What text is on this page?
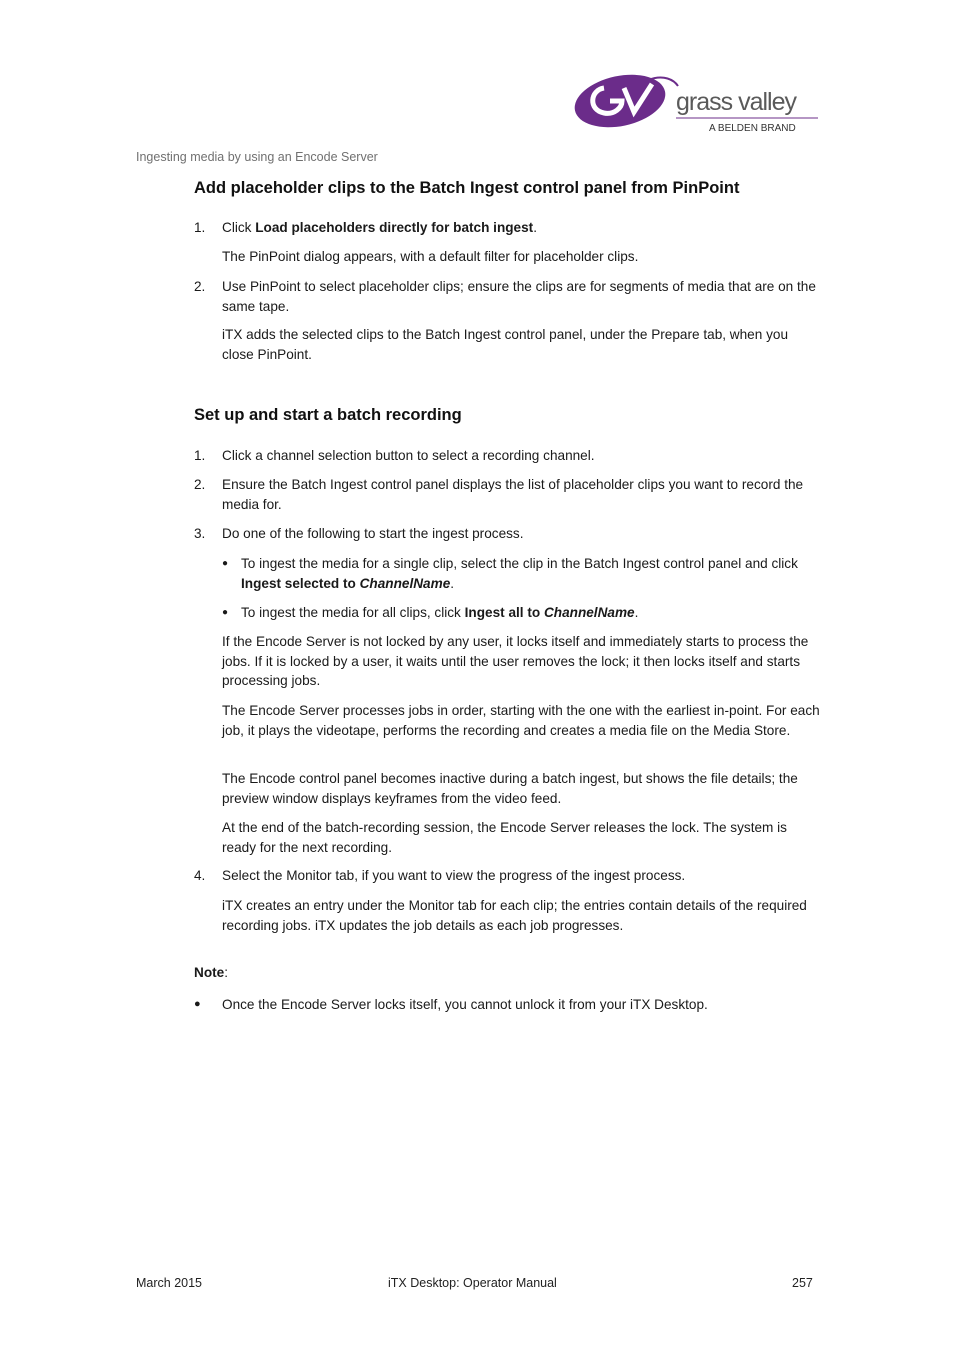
grass valley
A BELDEN BRAND
Ingesting media by using an Encode Server
Add placeholder clips to the Batch Ingest control panel from PinPoint
1. Click Load placeholders directly for batch ingest.
The PinPoint dialog appears, with a default filter for placeholder clips.
2. Use PinPoint to select placeholder clips; ensure the clips are for segments of media that are on the same tape.
iTX adds the selected clips to the Batch Ingest control panel, under the Prepare tab, when you close PinPoint.
Set up and start a batch recording
1. Click a channel selection button to select a recording channel.
2. Ensure the Batch Ingest control panel displays the list of placeholder clips you want to record the media for.
3. Do one of the following to start the ingest process.
● To ingest the media for a single clip, select the clip in the Batch Ingest control panel and click Ingest selected to ChannelName.
● To ingest the media for all clips, click Ingest all to ChannelName.
If the Encode Server is not locked by any user, it locks itself and immediately starts to process the jobs. If it is locked by a user, it waits until the user removes the lock; it then locks itself and starts processing jobs.
The Encode Server processes jobs in order, starting with the one with the earliest in-point. For each job, it plays the videotape, performs the recording and creates a media file on the Media Store.
The Encode control panel becomes inactive during a batch ingest, but shows the file details; the preview window displays keyframes from the video feed.
At the end of the batch-recording session, the Encode Server releases the lock. The system is ready for the next recording.
4. Select the Monitor tab, if you want to view the progress of the ingest process.
iTX creates an entry under the Monitor tab for each clip; the entries contain details of the required recording jobs. iTX updates the job details as each job progresses.
Note:
● Once the Encode Server locks itself, you cannot unlock it from your iTX Desktop.
March 2015	iTX Desktop: Operator Manual	257
